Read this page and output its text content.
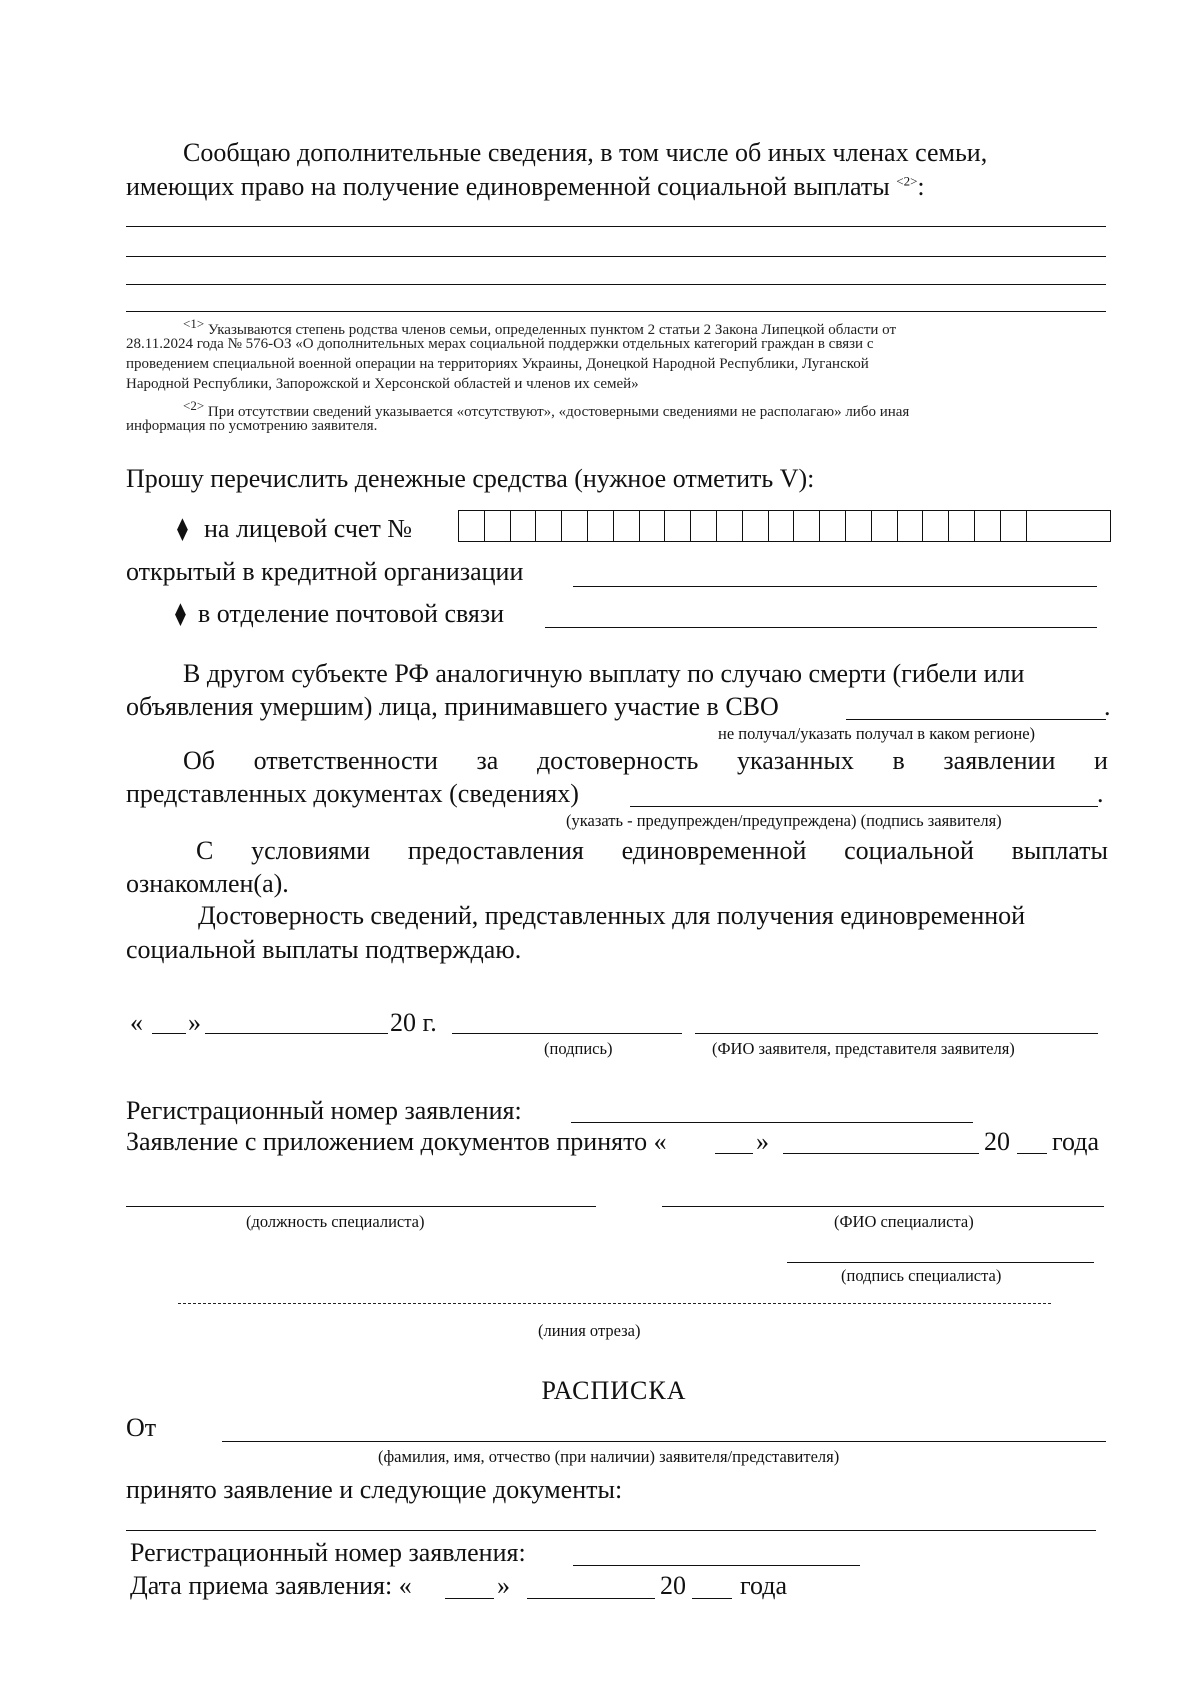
Сообщаю дополнительные сведения, в том числе об иных членах семьи,
имеющих право на получение единовременной социальной выплаты $^{<2>}$:
$^{<1>}$ Указываются степень родства членов семьи, определенных пунктом 2 статьи 2 Закона Липецкой области от
28.11.2024 года № 576-ОЗ «О дополнительных мерах социальной поддержки отдельных категорий граждан в связи с
проведением специальной военной операции на территориях Украины, Донецкой Народной Республики, Луганской
Народной Республики, Запорожской и Херсонской областей и членов их семей»
$^{<2>}$ При отсутствии сведений указывается «отсутствуют», «достоверными сведениями не располагаю» либо иная
информация по усмотрению заявителя.
Прошу перечислить денежные средства (нужное отметить V):
⧫ на лицевой счет №
открытый в кредитной организации
⧫ в отделение почтовой связи
В другом субъекте РФ аналогичную выплату по случаю смерти (гибели или
объявления умершим) лица, принимавшего участие в СВО	.
не получал/указать получал в каком регионе)
Об ответственности за достоверность указанных в заявлении и
представленных документах (сведениях)	.
(указать - предупрежден/предупреждена) (подпись заявителя)
С условиями предоставления единовременной социальной выплаты
ознакомлен(а).
Достоверность сведений, представленных для получения единовременной
социальной выплаты подтверждаю.
« »	20 г.
(подпись)	(ФИО заявителя, представителя заявителя)
Регистрационный номер заявления:
Заявление с приложением документов принято «	»	20 года
(должность специалиста)	(ФИО специалиста)
(подпись специалиста)
(линия отреза)
РАСПИСКА
От
(фамилия, имя, отчество (при наличии) заявителя/представителя)
принято заявление и следующие документы:
Регистрационный номер заявления:
Дата приема заявления: «	»	20 года
